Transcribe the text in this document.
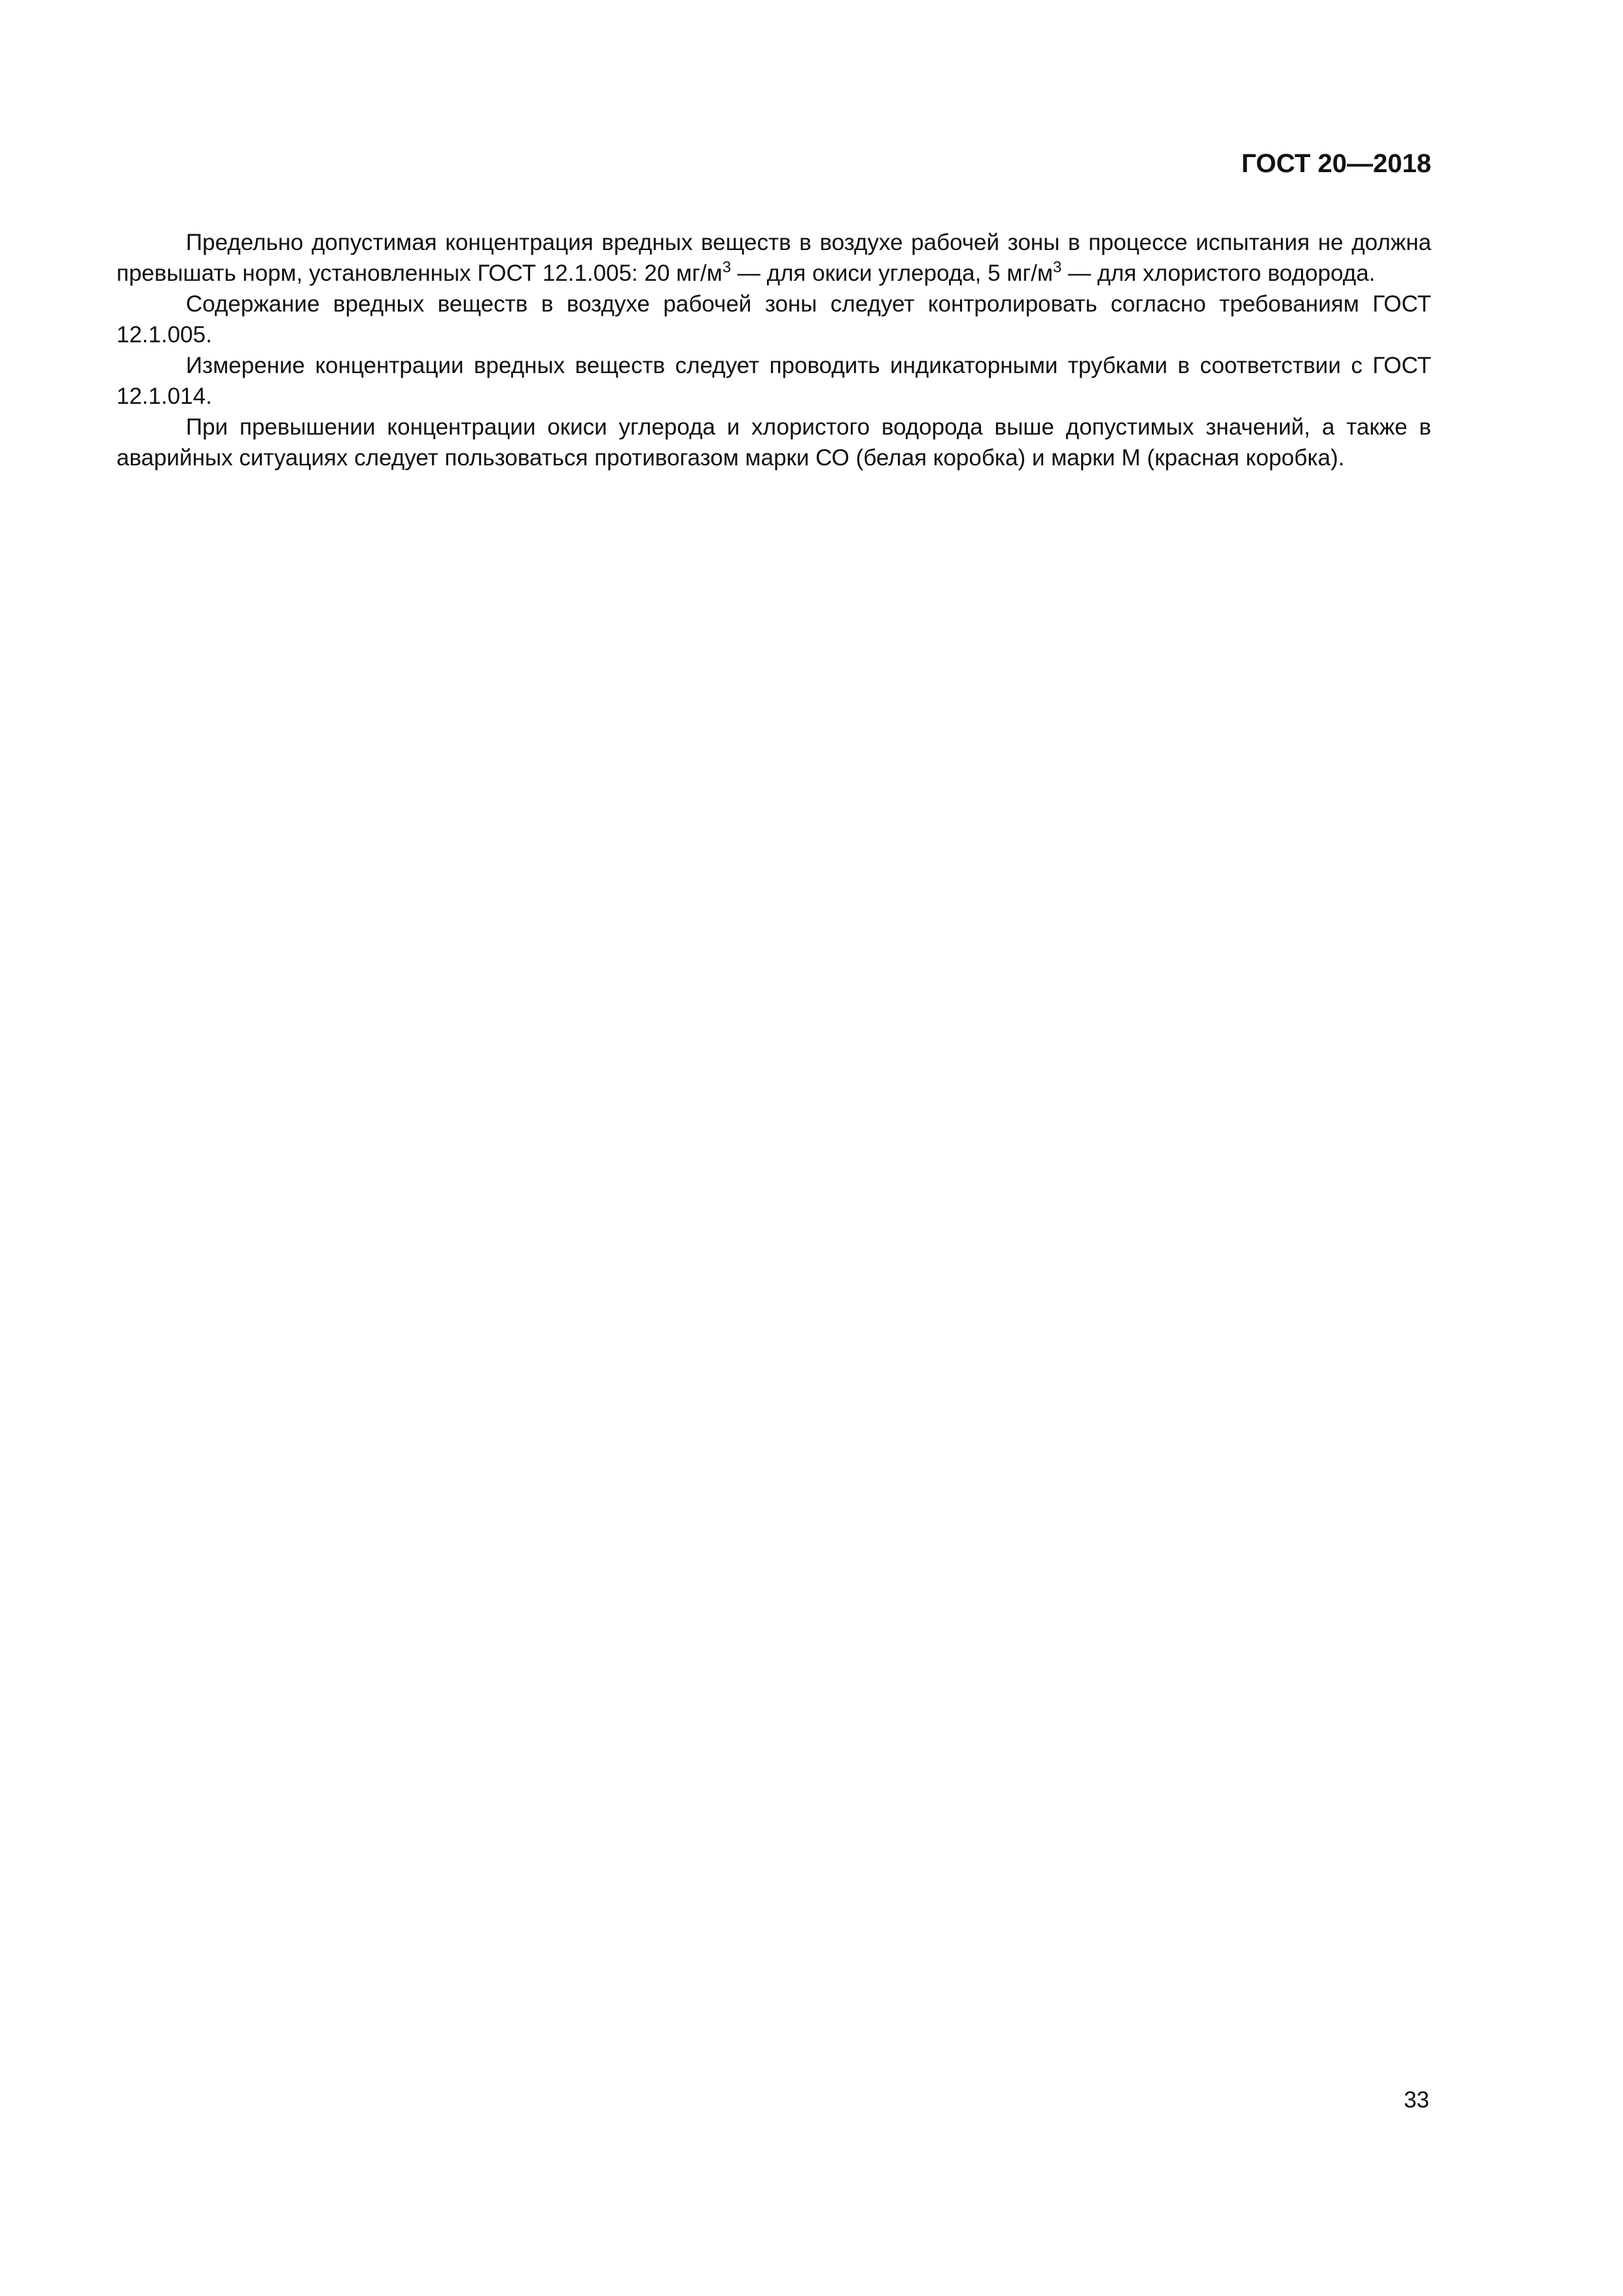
ГОСТ 20—2018

Предельно допустимая концентрация вредных веществ в воздухе рабочей зоны в процессе испытания не должна превышать норм, установленных ГОСТ 12.1.005: 20 $мг/м^3$ — для окиси углерода, 5 $мг/м^3$ — для хлористого водорода.

Содержание вредных веществ в воздухе рабочей зоны следует контролировать согласно требованиям ГОСТ 12.1.005.

Измерение концентрации вредных веществ следует проводить индикаторными трубками в соответствии с ГОСТ 12.1.014.

При превышении концентрации окиси углерода и хлористого водорода выше допустимых значений, а также в аварийных ситуациях следует пользоваться противогазом марки СО (белая коробка) и марки М (красная коробка).

33
